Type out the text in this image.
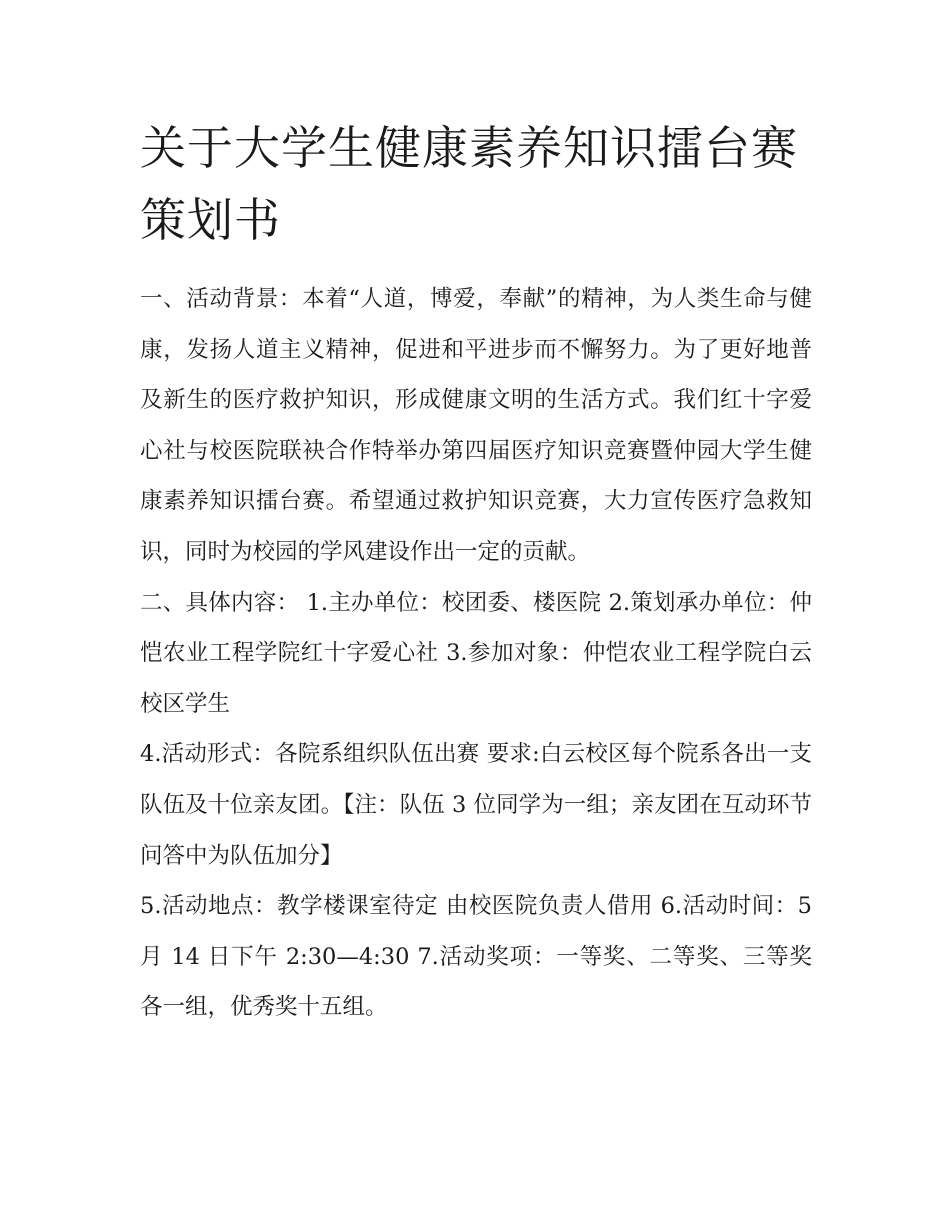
关于大学生健康素养知识擂台赛策划书

一、活动背景：本着“人道，博爱，奉献”的精神，为人类生命与健康，发扬人道主义精神，促进和平进步而不懈努力。为了更好地普及新生的医疗救护知识，形成健康文明的生活方式。我们红十字爱心社与校医院联袂合作特举办第四届医疗知识竞赛暨仲园大学生健康素养知识擂台赛。希望通过救护知识竞赛，大力宣传医疗急救知识，同时为校园的学风建设作出一定的贡献。

二、具体内容： 1.主办单位：校团委、楼医院 2.策划承办单位：仲恺农业工程学院红十字爱心社 3.参加对象：仲恺农业工程学院白云校区学生

4.活动形式：各院系组织队伍出赛 要求:白云校区每个院系各出一支队伍及十位亲友团。【注：队伍 3 位同学为一组；亲友团在互动环节问答中为队伍加分】

5.活动地点：教学楼课室待定 由校医院负责人借用 6.活动时间：5 月 14 日下午 2:30—4:30 7.活动奖项：一等奖、二等奖、三等奖各一组，优秀奖十五组。
